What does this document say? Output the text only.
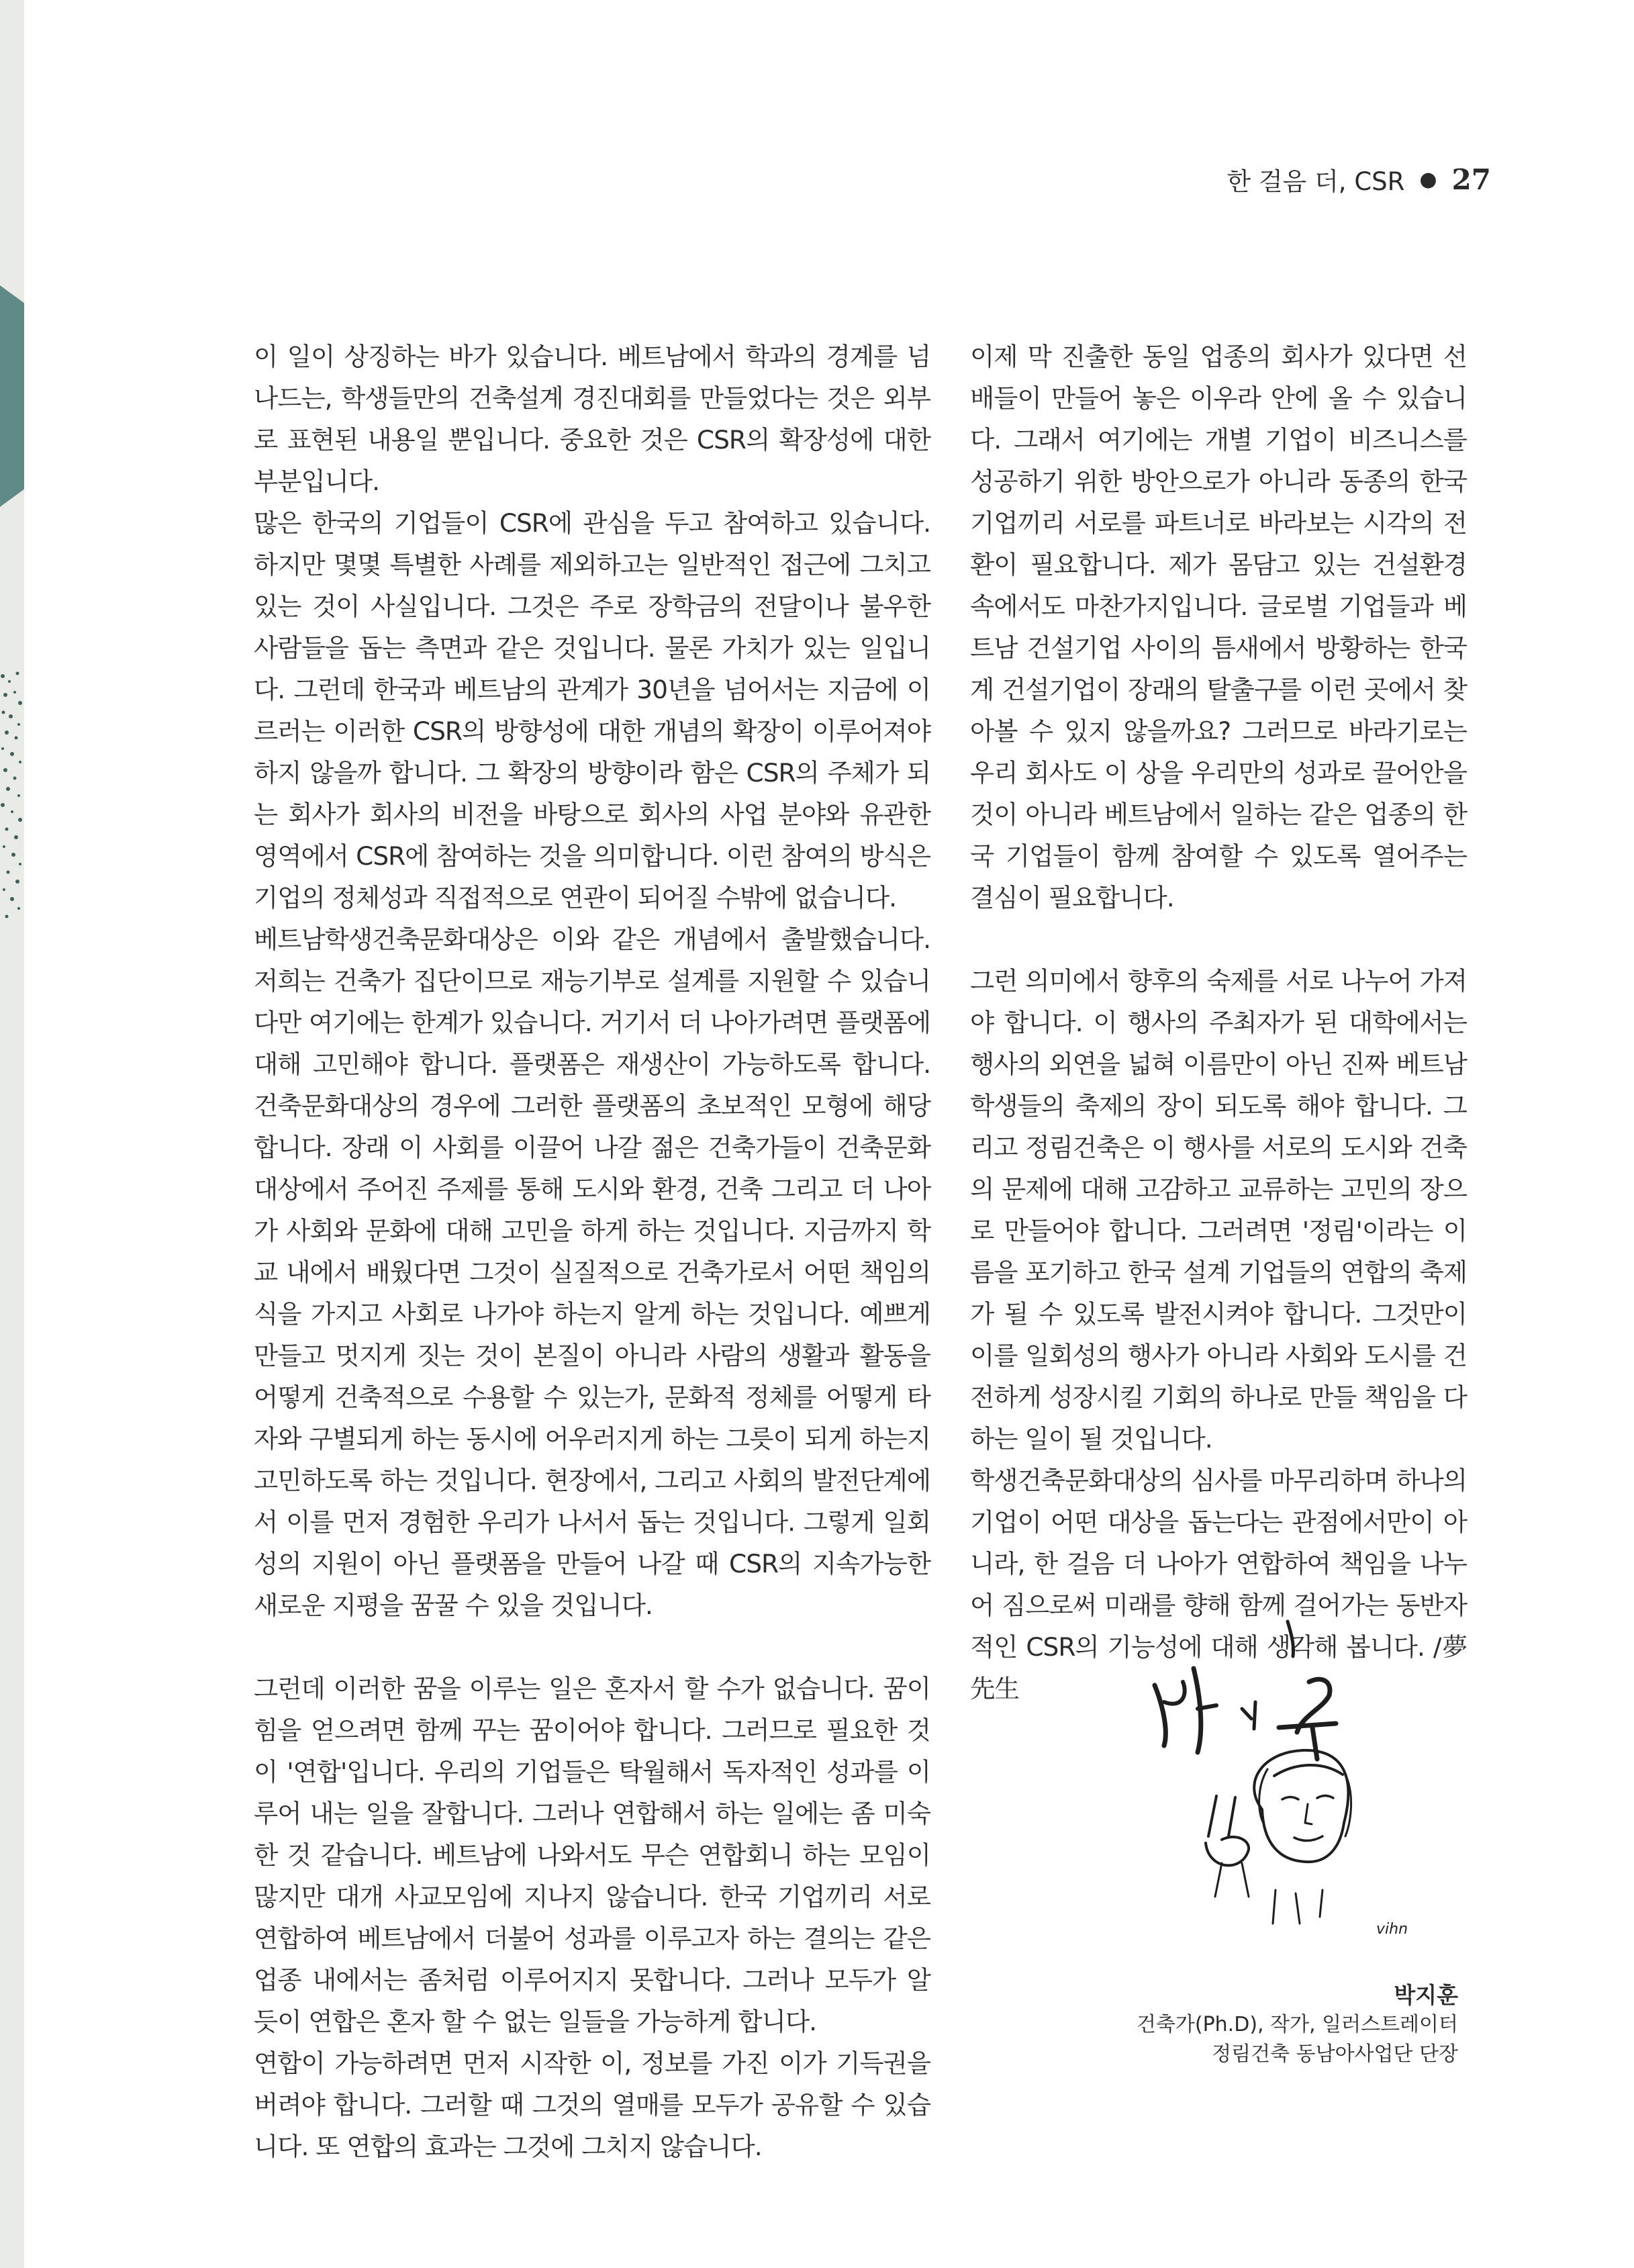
한 걸음 더, CSR ● 27

이 일이 상징하는 바가 있습니다. 베트남에서 학과의 경계를 넘나드는, 학생들만의 건축설계 경진대회를 만들었다는 것은 외부로 표현된 내용일 뿐입니다. 중요한 것은 CSR의 확장성에 대한 부분입니다.

많은 한국의 기업들이 CSR에 관심을 두고 참여하고 있습니다. 하지만 몇몇 특별한 사례를 제외하고는 일반적인 접근에 그치고 있는 것이 사실입니다. 그것은 주로 장학금의 전달이나 불우한 사람들을 돕는 측면과 같은 것입니다. 물론 가치가 있는 일입니다. 그런데 한국과 베트남의 관계가 30년을 넘어서는 지금에 이르러는 이러한 CSR의 방향성에 대한 개념의 확장이 이루어져야 하지 않을까 합니다. 그 확장의 방향이라 함은 CSR의 주체가 되는 회사가 회사의 비전을 바탕으로 회사의 사업 분야와 유관한 영역에서 CSR에 참여하는 것을 의미합니다. 이런 참여의 방식은 기업의 정체성과 직접적으로 연관이 되어질 수밖에 없습니다.

베트남학생건축문화대상은 이와 같은 개념에서 출발했습니다. 저희는 건축가 집단이므로 재능기부로 설계를 지원할 수 있습니다만 여기에는 한계가 있습니다. 거기서 더 나아가려면 플랫폼에 대해 고민해야 합니다. 플랫폼은 재생산이 가능하도록 합니다. 건축문화대상의 경우에 그러한 플랫폼의 초보적인 모형에 해당합니다. 장래 이 사회를 이끌어 나갈 젊은 건축가들이 건축문화대상에서 주어진 주제를 통해 도시와 환경, 건축 그리고 더 나아가 사회와 문화에 대해 고민을 하게 하는 것입니다. 지금까지 학교 내에서 배웠다면 그것이 실질적으로 건축가로서 어떤 책임의식을 가지고 사회로 나가야 하는지 알게 하는 것입니다. 예쁘게 만들고 멋지게 짓는 것이 본질이 아니라 사람의 생활과 활동을 어떻게 건축적으로 수용할 수 있는가, 문화적 정체를 어떻게 타자와 구별되게 하는 동시에 어우러지게 하는 그릇이 되게 하는지 고민하도록 하는 것입니다. 현장에서, 그리고 사회의 발전단계에서 이를 먼저 경험한 우리가 나서서 돕는 것입니다. 그렇게 일회성의 지원이 아닌 플랫폼을 만들어 나갈 때 CSR의 지속가능한 새로운 지평을 꿈꿀 수 있을 것입니다.

그런데 이러한 꿈을 이루는 일은 혼자서 할 수가 없습니다. 꿈이 힘을 얻으려면 함께 꾸는 꿈이어야 합니다. 그러므로 필요한 것이 '연합'입니다. 우리의 기업들은 탁월해서 독자적인 성과를 이루어 내는 일을 잘합니다. 그러나 연합해서 하는 일에는 좀 미숙한 것 같습니다. 베트남에 나와서도 무슨 연합회니 하는 모임이 많지만 대개 사교모임에 지나지 않습니다. 한국 기업끼리 서로 연합하여 베트남에서 더불어 성과를 이루고자 하는 결의는 같은 업종 내에서는 좀처럼 이루어지지 못합니다. 그러나 모두가 알 듯이 연합은 혼자 할 수 없는 일들을 가능하게 합니다.

연합이 가능하려면 먼저 시작한 이, 정보를 가진 이가 기득권을 버려야 합니다. 그러할 때 그것의 열매를 모두가 공유할 수 있습니다. 또 연합의 효과는 그것에 그치지 않습니다.

이제 막 진출한 동일 업종의 회사가 있다면 선배들이 만들어 놓은 이우라 안에 올 수 있습니다. 그래서 여기에는 개별 기업이 비즈니스를 성공하기 위한 방안으로가 아니라 동종의 한국 기업끼리 서로를 파트너로 바라보는 시각의 전환이 필요합니다. 제가 몸담고 있는 건설환경 속에서도 마찬가지입니다. 글로벌 기업들과 베트남 건설기업 사이의 틈새에서 방황하는 한국계 건설기업이 장래의 탈출구를 이런 곳에서 찾아볼 수 있지 않을까요? 그러므로 바라기로는 우리 회사도 이 상을 우리만의 성과로 끌어안을 것이 아니라 베트남에서 일하는 같은 업종의 한국 기업들이 함께 참여할 수 있도록 열어주는 결심이 필요합니다.

그런 의미에서 향후의 숙제를 서로 나누어 가져야 합니다. 이 행사의 주최자가 된 대학에서는 행사의 외연을 넓혀 이름만이 아닌 진짜 베트남 학생들의 축제의 장이 되도록 해야 합니다. 그리고 정림건축은 이 행사를 서로의 도시와 건축의 문제에 대해 고감하고 교류하는 고민의 장으로 만들어야 합니다. 그러려면 '정림'이라는 이름을 포기하고 한국 설계 기업들의 연합의 축제가 될 수 있도록 발전시켜야 합니다. 그것만이 이를 일회성의 행사가 아니라 사회와 도시를 건전하게 성장시킬 기회의 하나로 만들 책임을 다하는 일이 될 것입니다.

학생건축문화대상의 심사를 마무리하며 하나의 기업이 어떤 대상을 돕는다는 관점에서만이 아니라, 한 걸음 더 나아가 연합하여 책임을 나누어 짐으로써 미래를 향해 함께 걸어가는 동반자적인 CSR의 기능성에 대해 생각해 봅니다. /夢先生

vihn
박지훈
건축가(Ph.D), 작가, 일러스트레이터
정림건축 동남아사업단 단장
